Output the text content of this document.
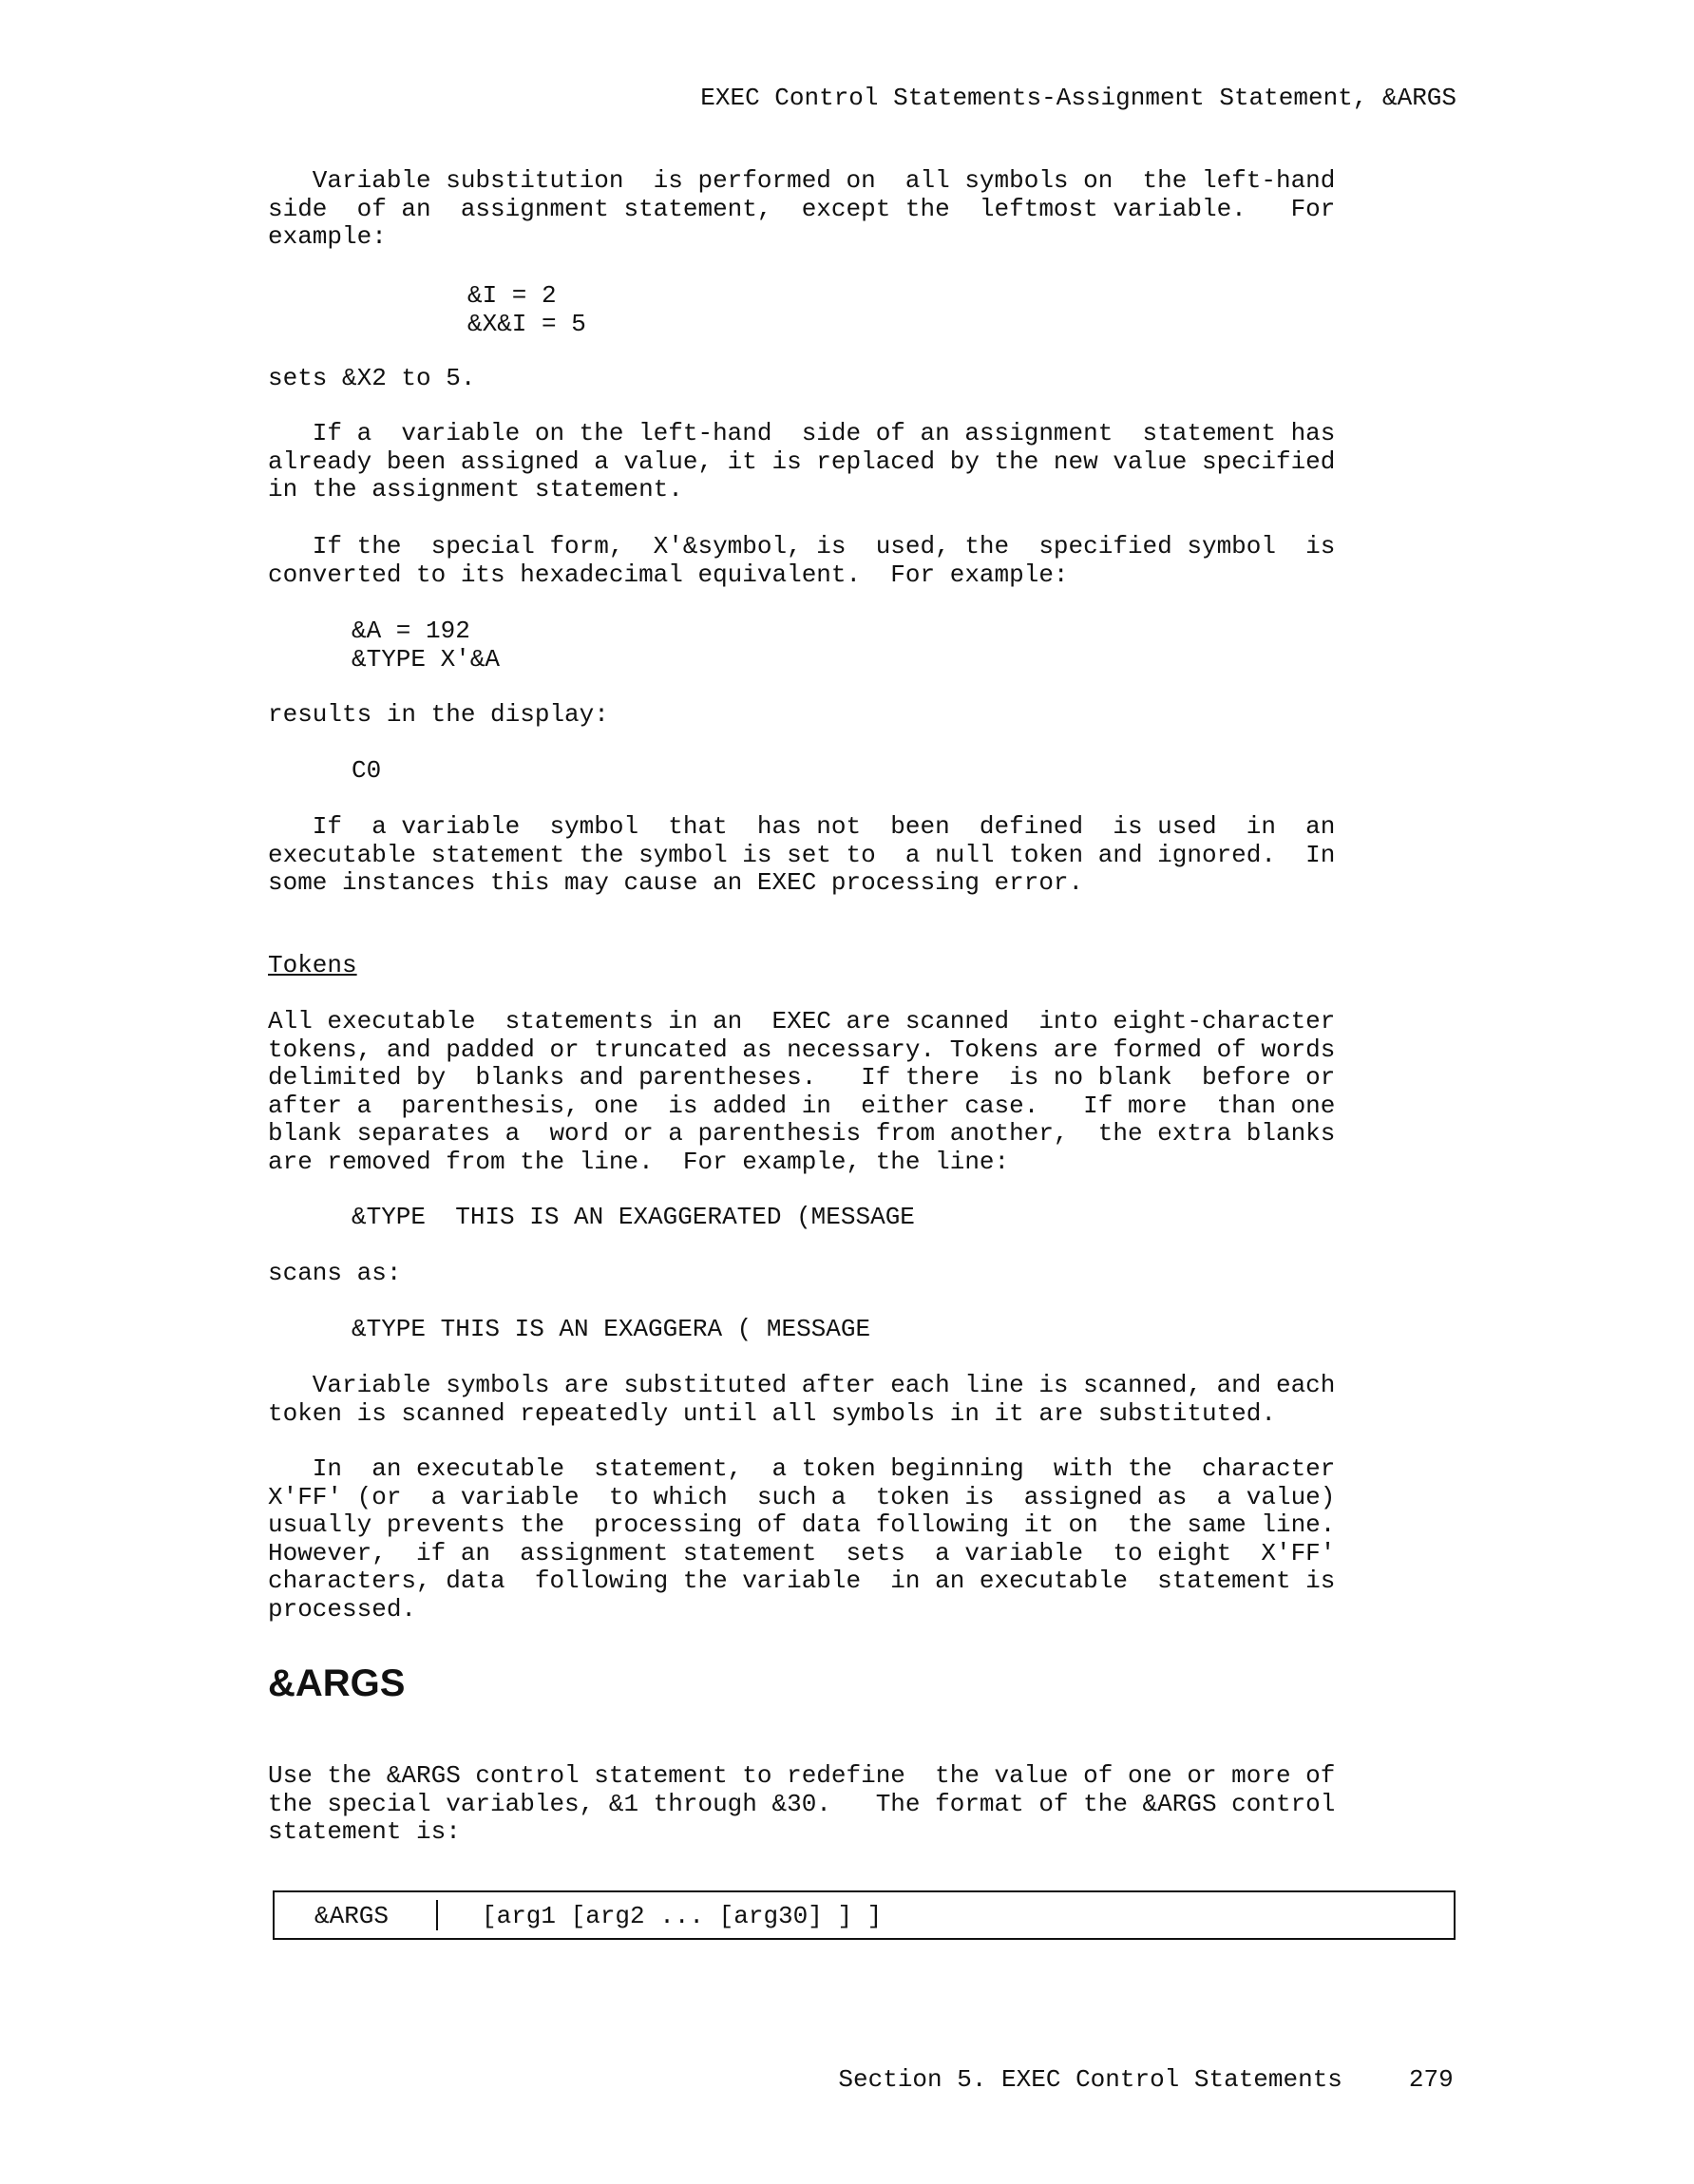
EXEC Control Statements-Assignment Statement, &ARGS

Variable substitution  is performed on  all symbols on  the left-hand
side  of an  assignment statement,  except the  leftmost variable.   For
example:

&I = 2
&X&I = 5

sets &X2 to 5.

If a  variable on the left-hand  side of an assignment  statement has
already been assigned a value, it is replaced by the new value specified
in the assignment statement.

If the  special form,  X'&symbol, is  used, the  specified symbol  is
converted to its hexadecimal equivalent.  For example:

&A = 192
&TYPE X'&A

results in the display:

C0

If  a variable  symbol  that  has not  been  defined  is used  in  an
executable statement the symbol is set to  a null token and ignored.  In
some instances this may cause an EXEC processing error.

Tokens

All executable  statements in an  EXEC are scanned  into eight-character
tokens, and padded or truncated as necessary. Tokens are formed of words
delimited by  blanks and parentheses.   If there  is no blank  before or
after a  parenthesis, one  is added in  either case.   If more  than one
blank separates a  word or a parenthesis from another,  the extra blanks
are removed from the line.  For example, the line:

&TYPE  THIS IS AN EXAGGERATED (MESSAGE

scans as:

&TYPE THIS IS AN EXAGGERA ( MESSAGE

Variable symbols are substituted after each line is scanned, and each
token is scanned repeatedly until all symbols in it are substituted.

In  an executable  statement,  a token beginning  with the  character
X'FF' (or  a variable  to which  such a  token is  assigned as  a value)
usually prevents the  processing of data following it on  the same line.
However,  if an  assignment statement  sets  a variable  to eight  X'FF'
characters, data  following the variable  in an executable  statement is
processed.

&ARGS

Use the &ARGS control statement to redefine  the value of one or more of
the special variables, &1 through &30.   The format of the &ARGS control
statement is:

&ARGS	[arg1 [arg2 ... [arg30] ] ]

Section 5. EXEC Control Statements	279
